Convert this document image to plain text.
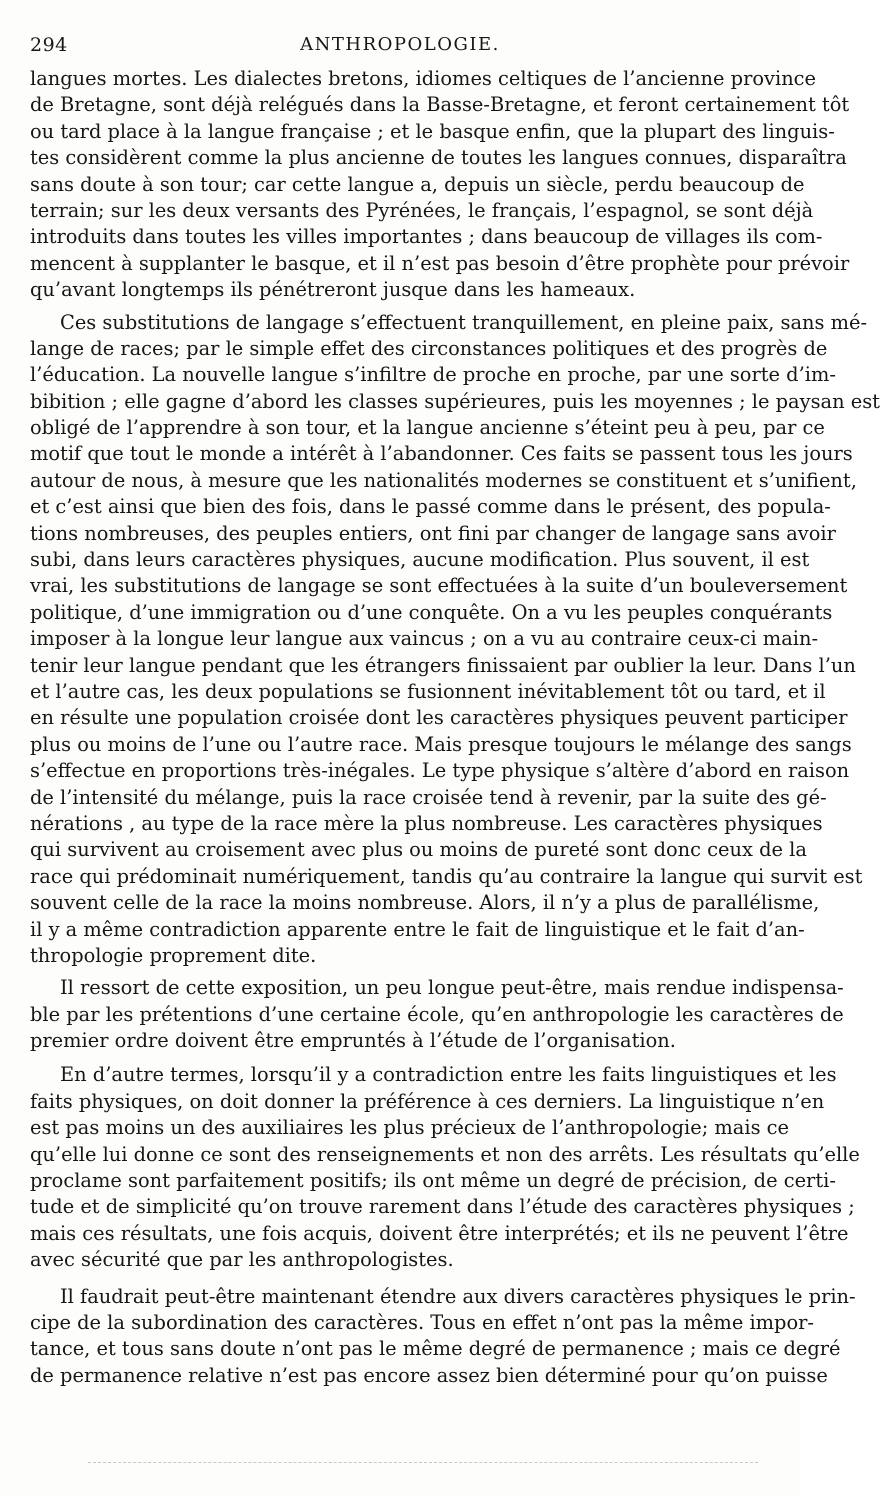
294	ANTHROPOLOGIE.
langues mortes. Les dialectes bretons, idiomes celtiques de l’ancienne province
de Bretagne, sont déjà relégués dans la Basse-Bretagne, et feront certainement tôt
ou tard place à la langue française ; et le basque enfin, que la plupart des linguis-
tes considèrent comme la plus ancienne de toutes les langues connues, disparaîtra
sans doute à son tour; car cette langue a, depuis un siècle, perdu beaucoup de
terrain; sur les deux versants des Pyrénées, le français, l’espagnol, se sont déjà
introduits dans toutes les villes importantes ; dans beaucoup de villages ils com-
mencent à supplanter le basque, et il n’est pas besoin d’être prophète pour prévoir
qu’avant longtemps ils pénétreront jusque dans les hameaux.
Ces substitutions de langage s’effectuent tranquillement, en pleine paix, sans mé-
lange de races; par le simple effet des circonstances politiques et des progrès de
l’éducation. La nouvelle langue s’infiltre de proche en proche, par une sorte d’im-
bibition ; elle gagne d’abord les classes supérieures, puis les moyennes ; le paysan est
obligé de l’apprendre à son tour, et la langue ancienne s’éteint peu à peu, par ce
motif que tout le monde a intérêt à l’abandonner. Ces faits se passent tous les jours
autour de nous, à mesure que les nationalités modernes se constituent et s’unifient,
et c’est ainsi que bien des fois, dans le passé comme dans le présent, des popula-
tions nombreuses, des peuples entiers, ont fini par changer de langage sans avoir
subi, dans leurs caractères physiques, aucune modification. Plus souvent, il est
vrai, les substitutions de langage se sont effectuées à la suite d’un bouleversement
politique, d’une immigration ou d’une conquête. On a vu les peuples conquérants
imposer à la longue leur langue aux vaincus ; on a vu au contraire ceux-ci main-
tenir leur langue pendant que les étrangers finissaient par oublier la leur. Dans l’un
et l’autre cas, les deux populations se fusionnent inévitablement tôt ou tard, et il
en résulte une population croisée dont les caractères physiques peuvent participer
plus ou moins de l’une ou l’autre race. Mais presque toujours le mélange des sangs
s’effectue en proportions très-inégales. Le type physique s’altère d’abord en raison
de l’intensité du mélange, puis la race croisée tend à revenir, par la suite des gé-
nérations , au type de la race mère la plus nombreuse. Les caractères physiques
qui survivent au croisement avec plus ou moins de pureté sont donc ceux de la
race qui prédominait numériquement, tandis qu’au contraire la langue qui survit est
souvent celle de la race la moins nombreuse. Alors, il n’y a plus de parallélisme,
il y a même contradiction apparente entre le fait de linguistique et le fait d’an-
thropologie proprement dite.
Il ressort de cette exposition, un peu longue peut-être, mais rendue indispensa-
ble par les prétentions d’une certaine école, qu’en anthropologie les caractères de
premier ordre doivent être empruntés à l’étude de l’organisation.
En d’autre termes, lorsqu’il y a contradiction entre les faits linguistiques et les
faits physiques, on doit donner la préférence à ces derniers. La linguistique n’en
est pas moins un des auxiliaires les plus précieux de l’anthropologie; mais ce
qu’elle lui donne ce sont des renseignements et non des arrêts. Les résultats qu’elle
proclame sont parfaitement positifs; ils ont même un degré de précision, de certi-
tude et de simplicité qu’on trouve rarement dans l’étude des caractères physiques ;
mais ces résultats, une fois acquis, doivent être interprétés; et ils ne peuvent l’être
avec sécurité que par les anthropologistes.
Il faudrait peut-être maintenant étendre aux divers caractères physiques le prin-
cipe de la subordination des caractères. Tous en effet n’ont pas la même impor-
tance, et tous sans doute n’ont pas le même degré de permanence ; mais ce degré
de permanence relative n’est pas encore assez bien déterminé pour qu’on puisse
